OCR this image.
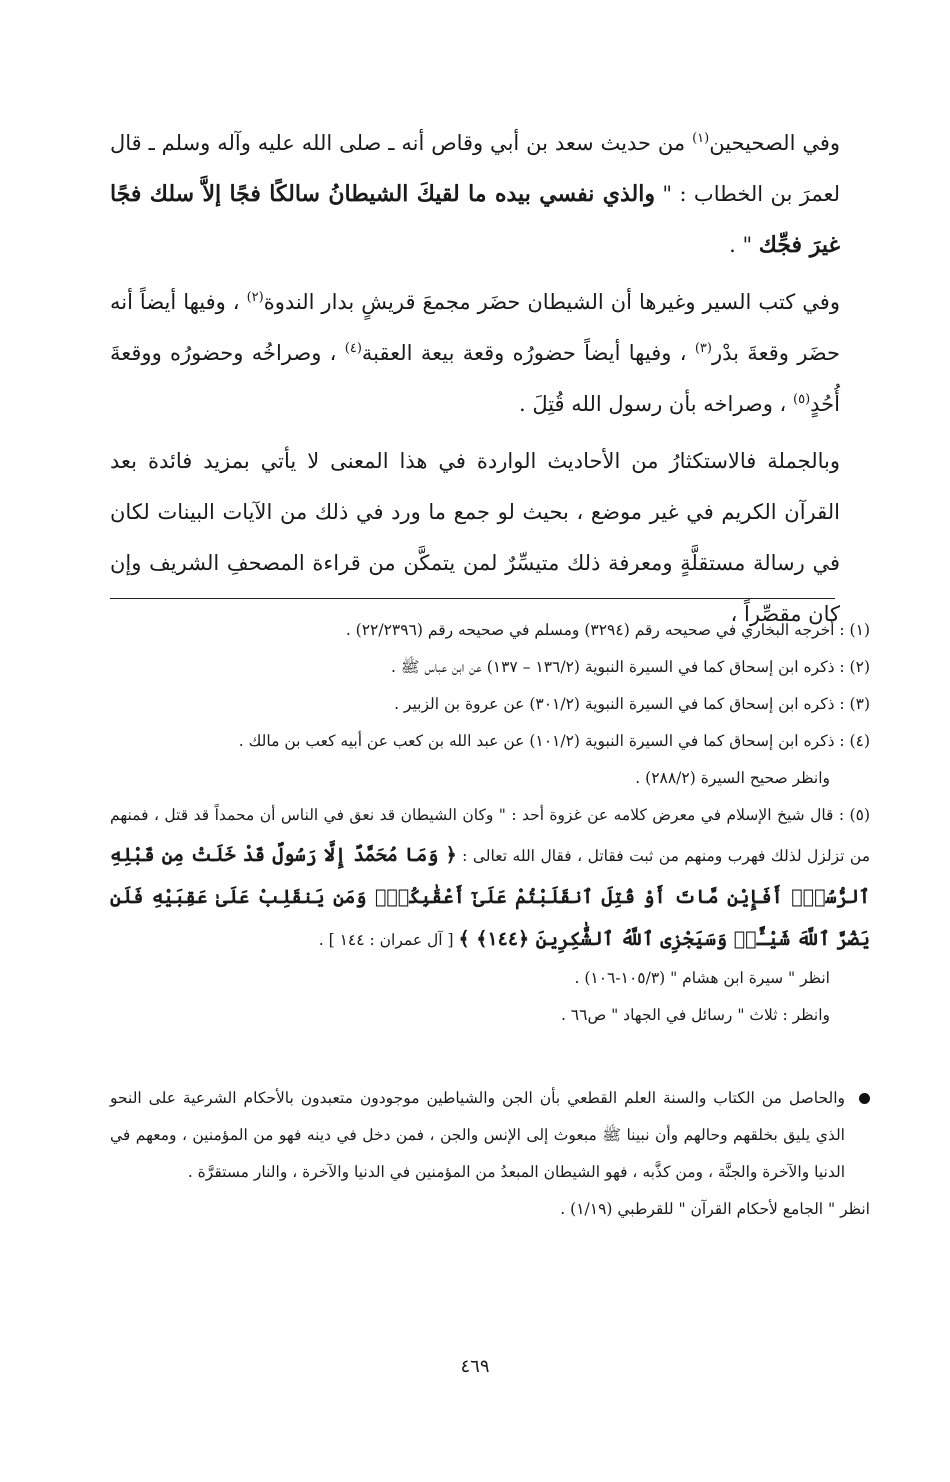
وفي الصحيحين$^{(١)}$ من حديث سعد بن أبي وقاص أنه ـ صلى الله عليه وآله وسلم ـ قال لعمرَ بن الخطاب : " والذي نفسي بيده ما لقيكَ الشيطانُ سالكًا فجًا إلاَّ سلك فجًا غيرَ فجِّك " .

وفي كتب السير وغيرها أن الشيطان حضَر مجمعَ قريشٍ بدار الندوة$^{(٢)}$ ، وفيها أيضاً أنه حضَر وقعةَ بدْر$^{(٣)}$ ، وفيها أيضاً حضورُه وقعة بيعة العقبة$^{(٤)}$ ، وصراخُه وحضورُه ووقعةَ أُحُدٍ$^{(٥)}$ ، وصراخه بأن رسول الله قُتِلَ .

وبالجملة فالاستكثارُ من الأحاديث الواردة في هذا المعنى لا يأتي بمزيد فائدة بعد القرآن الكريم في غير موضع ، بحيث لو جمع ما ورد في ذلك من الآيات البينات لكان في رسالة مستقلَّةٍ ومعرفة ذلك متيسِّرٌ لمن يتمكَّن من قراءة المصحفِ الشريف وإن كان مقصِّراً ،

(١) : أخرجه البخاري في صحيحه رقم (٣٢٩٤) ومسلم في صحيحه رقم (٢٢/٢٣٩٦) .

(٢) : ذكره ابن إسحاق كما في السيرة النبوية (١٣٦/٢ – ١٣٧) عن ابن عباس ﷺ .

(٣) : ذكره ابن إسحاق كما في السيرة النبوية (٣٠١/٢) عن عروة بن الزبير .

(٤) : ذكره ابن إسحاق كما في السيرة النبوية (١٠١/٢) عن عبد الله بن كعب عن أبيه كعب بن مالك .

وانظر صحيح السيرة (٢٨٨/٢) .

(٥) : قال شيخ الإسلام في معرض كلامه عن غزوة أحد : " وكان الشيطان قد نعق في الناس أن محمداً قد قتل ، فمنهم من تزلزل لذلك فهرب ومنهم من ثبت فقاتل ، فقال الله تعالى : ﴿ وَمَا مُحَمَّدٌ إِلَّا رَسُولٌ قَدْ خَلَتْ مِن قَبْلِهِ ٱلرُّسُلُۚ أَفَإِيْن مَّاتَ أَوْ قُتِلَ ٱنقَلَبْتُمْ عَلَىٰٓ أَعْقَٰبِكُمْۚ وَمَن يَنقَلِبْ عَلَىٰ عَقِبَيْهِ فَلَن يَضُرَّ ٱللَّهَ شَيْـًٔاۗ وَسَيَجْزِى ٱللَّهُ ٱلشَّٰكِرِينَ ﴿١٤٤﴾ ﴾ [ آل عمران : ١٤٤ ] .

انظر " سيرة ابن هشام " (١٠٥/٣-١٠٦) .

وانظر : ثلاث " رسائل في الجهاد " ص٦٦ .

والحاصل من الكتاب والسنة العلم القطعي بأن الجن والشياطين موجودون متعبدون بالأحكام الشرعية على النحو الذي يليق بخلقهم وحالهم وأن نبينا ﷺ مبعوث إلى الإنس والجن ، فمن دخل في دينه فهو من المؤمنين ، ومعهم في الدنيا والآخرة والجنَّة ، ومن كذَّبه ، فهو الشيطان المبعدُ من المؤمنين في الدنيا والآخرة ، والنار مستقرَّة .

انظر " الجامع لأحكام القرآن " للقرطبي (١/١٩) .

٤٦٩
